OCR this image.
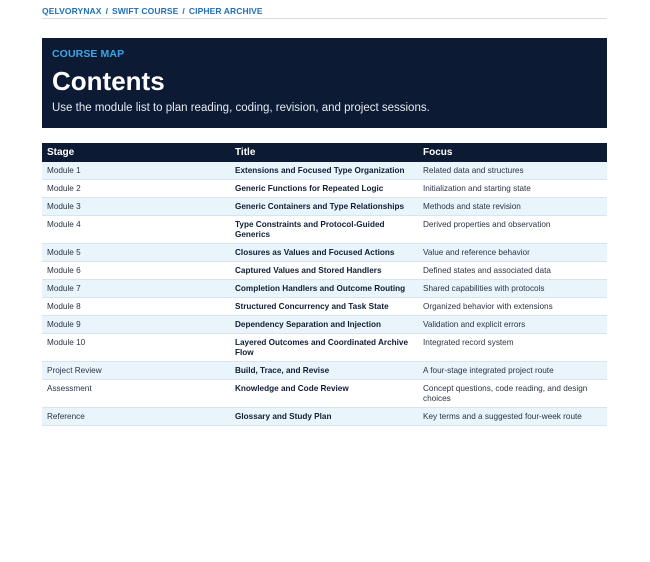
QELVORYNAX / SWIFT COURSE / CIPHER ARCHIVE
COURSE MAP
Contents

Use the module list to plan reading, coding, revision, and project sessions.

Stage	Title	Focus
Module 1	Extensions and Focused Type Organization	Related data and structures
Module 2	Generic Functions for Repeated Logic	Initialization and starting state
Module 3	Generic Containers and Type Relationships	Methods and state revision
Module 4	Type Constraints and Protocol-Guided Generics	Derived properties and observation
Module 5	Closures as Values and Focused Actions	Value and reference behavior
Module 6	Captured Values and Stored Handlers	Defined states and associated data
Module 7	Completion Handlers and Outcome Routing	Shared capabilities with protocols
Module 8	Structured Concurrency and Task State	Organized behavior with extensions
Module 9	Dependency Separation and Injection	Validation and explicit errors
Module 10	Layered Outcomes and Coordinated Archive Flow	Integrated record system
Project Review	Build, Trace, and Revise	A four-stage integrated project route
Assessment	Knowledge and Code Review	Concept questions, code reading, and design choices
Reference	Glossary and Study Plan	Key terms and a suggested four-week route
